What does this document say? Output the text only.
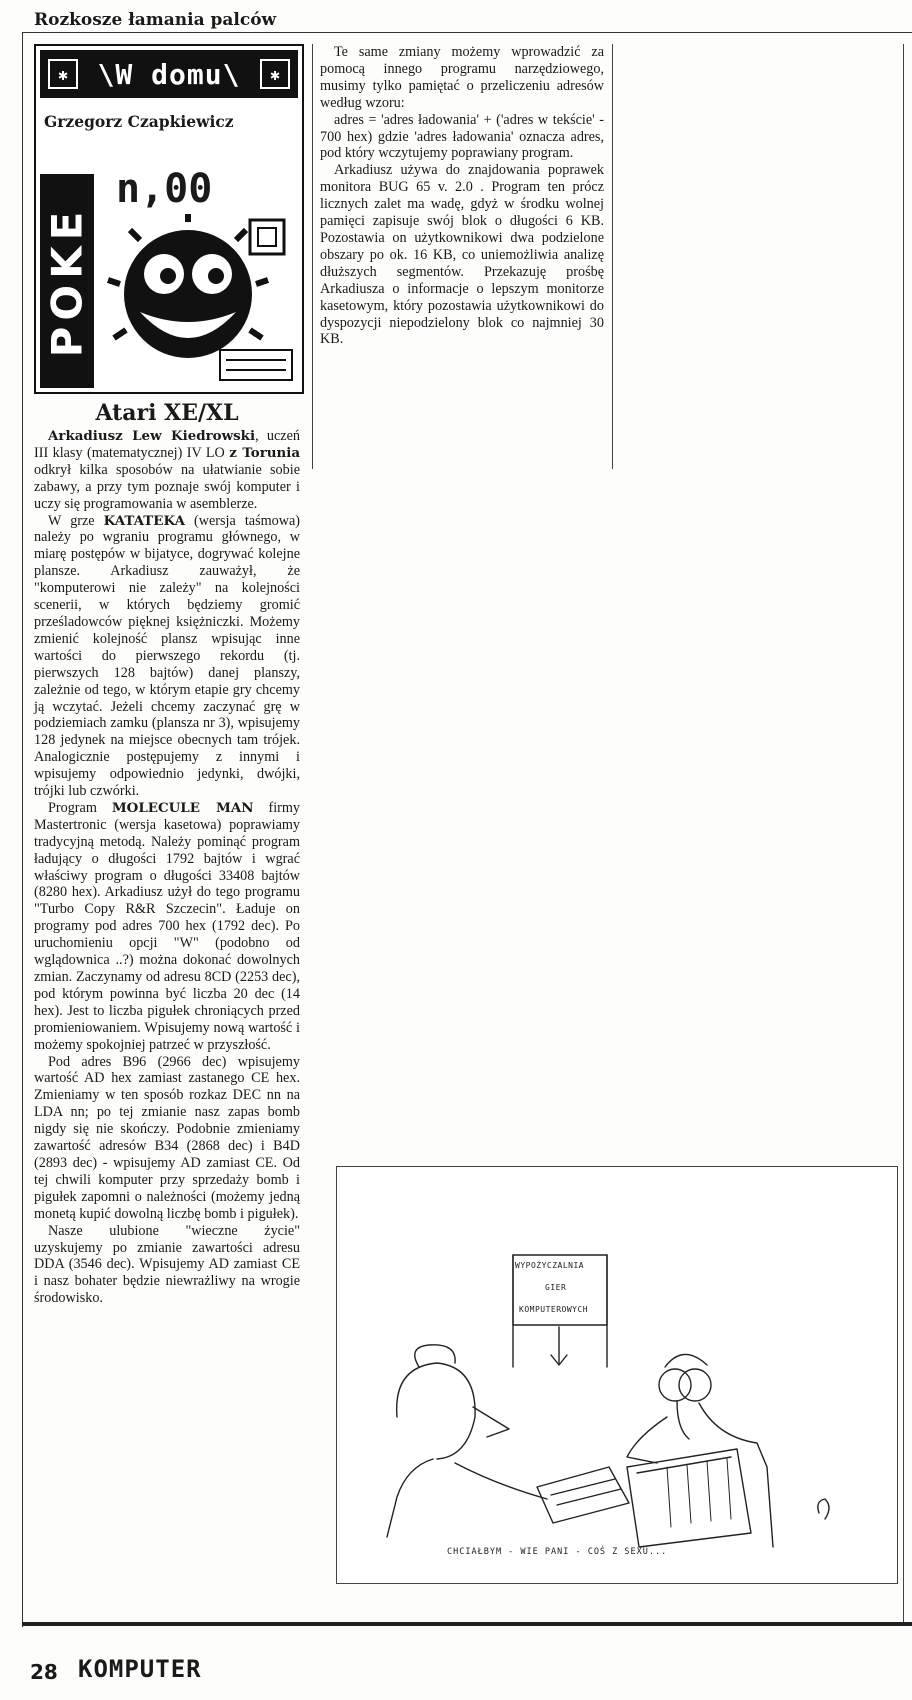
Rozkosze łamania palców
✱	\W domu\	✱
Grzegorz Czapkiewicz
POKE
n,00
Atari XE/XL

Arkadiusz Lew Kiedrowski, uczeń III klasy (matematycznej) IV LO z Torunia odkrył kilka sposobów na ułatwianie sobie zabawy, a przy tym poznaje swój komputer i uczy się programowania w asemblerze.

W grze KATATEKA (wersja taśmowa) należy po wgraniu programu głównego, w miarę postępów w bijatyce, dogrywać kolejne plansze. Arkadiusz zauważył, że "komputerowi nie zależy" na kolejności scenerii, w których będziemy gromić prześladowców pięknej księżniczki. Możemy zmienić kolejność plansz wpisując inne wartości do pierwszego rekordu (tj. pierwszych 128 bajtów) danej planszy, zależnie od tego, w którym etapie gry chcemy ją wczytać. Jeżeli chcemy zaczynać grę w podziemiach zamku (plansza nr 3), wpisujemy 128 jedynek na miejsce obecnych tam trójek. Analogicznie postępujemy z innymi i wpisujemy odpowiednio jedynki, dwójki, trójki lub czwórki.

Program MOLECULE MAN firmy Mastertronic (wersja kasetowa) poprawiamy tradycyjną metodą. Należy pominąć program ładujący o długości 1792 bajtów i wgrać właściwy program o długości 33408 bajtów (8280 hex). Arkadiusz użył do tego programu "Turbo Copy R&R Szczecin". Ładuje on programy pod adres 700 hex (1792 dec). Po uruchomieniu opcji "W" (podobno od wglądownica ..?) można dokonać dowolnych zmian. Zaczynamy od adresu 8CD (2253 dec), pod którym powinna być liczba 20 dec (14 hex). Jest to liczba pigułek chroniących przed promieniowaniem. Wpisujemy nową wartość i możemy spokojniej patrzeć w przyszłość.

Pod adres B96 (2966 dec) wpisujemy wartość AD hex zamiast zastanego CE hex. Zmieniamy w ten sposób rozkaz DEC nn na LDA nn; po tej zmianie nasz zapas bomb nigdy się nie skończy. Podobnie zmieniamy zawartość adresów B34 (2868 dec) i B4D (2893 dec) - wpisujemy AD zamiast CE. Od tej chwili komputer przy sprzedaży bomb i pigułek zapomni o należności (możemy jedną monetą kupić dowolną liczbę bomb i pigułek).

Nasze ulubione "wieczne życie" uzyskujemy po zmianie zawartości adresu DDA (3546 dec). Wpisujemy AD zamiast CE i nasz bohater będzie niewrażliwy na wrogie środowisko.

Te same zmiany możemy wprowadzić za pomocą innego programu narzędziowego, musimy tylko pamiętać o przeliczeniu adresów według wzoru:

adres = 'adres ładowania' + ('adres w tekście' - 700 hex) gdzie 'adres ładowania' oznacza adres, pod który wczytujemy poprawiany program.

Arkadiusz używa do znajdowania poprawek monitora BUG 65 v. 2.0 . Program ten prócz licznych zalet ma wadę, gdyż w środku wolnej pamięci zapisuje swój blok o długości 6 KB. Pozostawia on użytkownikowi dwa podzielone obszary po ok. 16 KB, co uniemożliwia analizę dłuższych segmentów. Przekazuję prośbę Arkadiusza o informacje o lepszym monitorze kasetowym, który pozostawia użytkownikowi do dyspozycji niepodzielony blok co najmniej 30 KB.

WYPOŻYCZALNIA
GIER
KOMPUTEROWYCH
CHCIAŁBYM - WIE PANI - COŚ Z SEXU...
28 KOMPUTER
